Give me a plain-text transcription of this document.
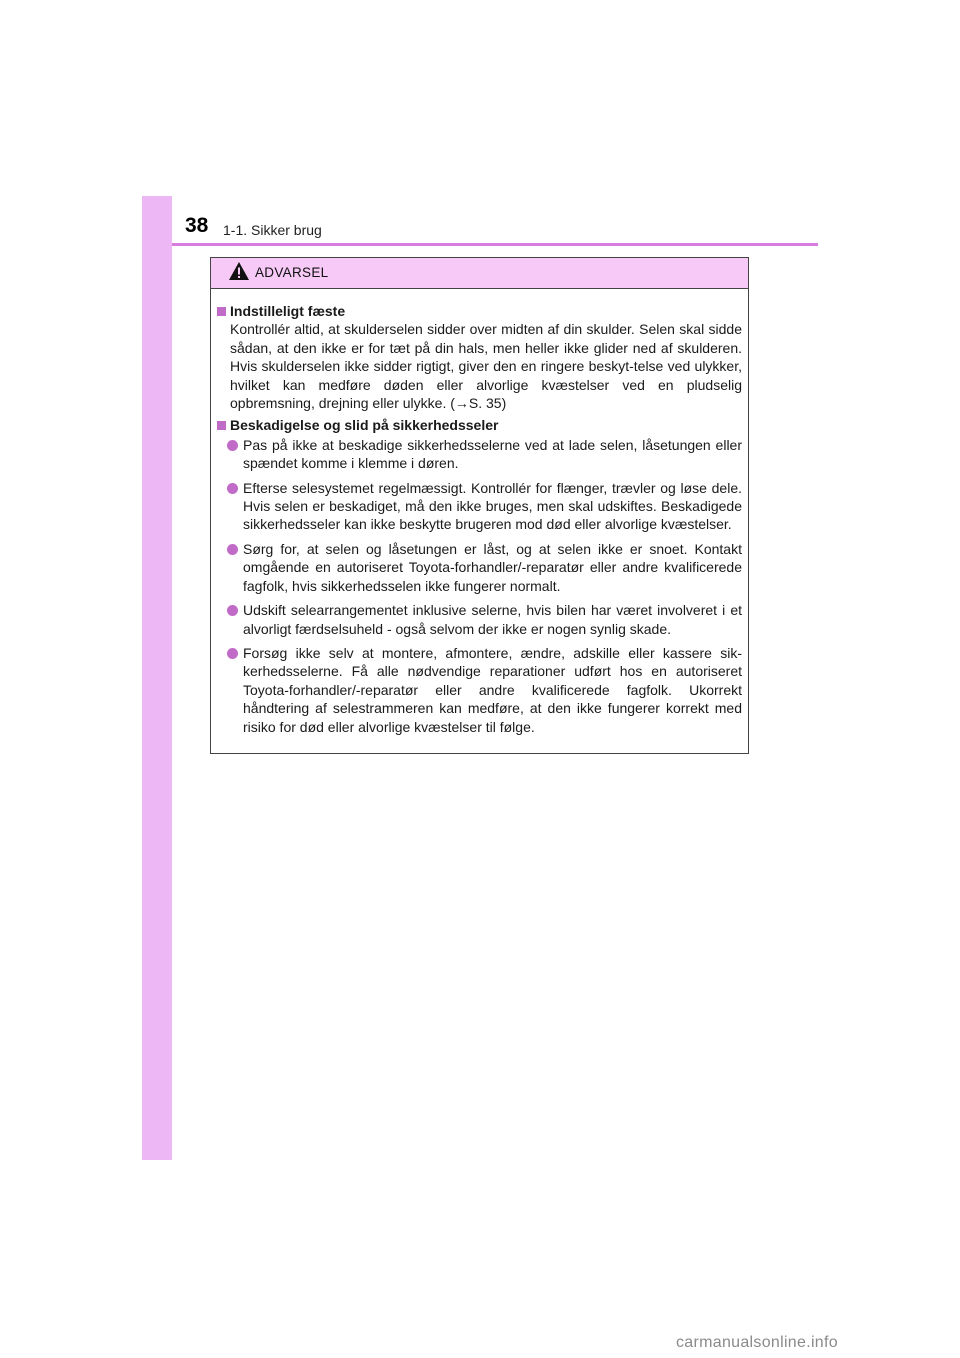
38 1-1. Sikker brug
ADVARSEL
Indstilleligt fæste
Kontrollér altid, at skulderselen sidder over midten af din skulder. Selen skal sidde sådan, at den ikke er for tæt på din hals, men heller ikke glider ned af skulderen. Hvis skulderselen ikke sidder rigtigt, giver den en ringere beskyt-telse ved ulykker, hvilket kan medføre døden eller alvorlige kvæstelser ved en pludselig opbremsning, drejning eller ulykke. (→S. 35)
Beskadigelse og slid på sikkerhedsseler
Pas på ikke at beskadige sikkerhedsselerne ved at lade selen, låsetungen eller spændet komme i klemme i døren.
Efterse selesystemet regelmæssigt. Kontrollér for flænger, trævler og løse dele. Hvis selen er beskadiget, må den ikke bruges, men skal udskiftes. Beskadigede sikkerhedsseler kan ikke beskytte brugeren mod død eller alvorlige kvæstelser.
Sørg for, at selen og låsetungen er låst, og at selen ikke er snoet. Kontakt omgående en autoriseret Toyota-forhandler/-reparatør eller andre kvalificerede fagfolk, hvis sikkerhedsselen ikke fungerer normalt.
Udskift selearrangementet inklusive selerne, hvis bilen har været involveret i et alvorligt færdselsuheld - også selvom der ikke er nogen synlig skade.
Forsøg ikke selv at montere, afmontere, ændre, adskille eller kassere sik-kerhedsselerne. Få alle nødvendige reparationer udført hos en autoriseret Toyota-forhandler/-reparatør eller andre kvalificerede fagfolk. Ukorrekt håndtering af selestrammeren kan medføre, at den ikke fungerer korrekt med risiko for død eller alvorlige kvæstelser til følge.
carmanualsonline.info
